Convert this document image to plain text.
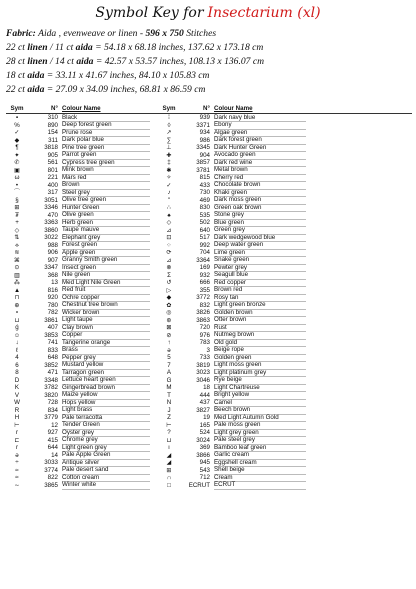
Symbol Key for Insectarium (xl)
Fabric: Aida , evenweave or linen - 596 x 750 Stitches
22 ct linen / 11 ct aida = 54.18 x 68.18 inches, 137.62 x 173.18 cm
28 ct linen / 14 ct aida = 42.57 x 53.57 inches, 108.13 x 136.07 cm
18 ct aida = 33.11 x 41.67 inches, 84.10 x 105.83 cm
22 ct aida = 27.09 x 34.09 inches, 68.81 x 86.59 cm
Sym	N° Colour Name	Sym	N° Colour Name
▪	310 Black	⁞	939 Dark navy blue
%	890 Deep forest green	◊	3371 Ebony
✓	154 Prune rose	↗	934 Algae green
◆	311 Dark polar blue	∑	986 Dark forest green
¶	3818 Pine tree green	⊥	3345 Dark Hunter Green
✦	905 Parrot green	✚	904 Avocado green
✆	561 Cypress tree green	‡	3857 Dark red wine
▣	801 Mink brown	✱	3781 Metal brown
ω	221 Mars red	✧	815 Cherry red
•	400 Brown	✓	433 Chocolate brown
⌒	317 Steel grey	♪	730 Khaki green
§	3051 Olive tree green	"	469 Dark moss green
⊞	3346 Hunter Green	∴	830 Green oak brown
₮	470 Olive green	♠	535 Stone grey
+	3363 Herb green	◇	502 Blue green
◇	3860 Taupe mauve	⊿	640 Green grey
⇅	3022 Elephant grey	⊡	517 Dark wedgewood blue
⟡	988 Forest green	⁘	992 Deep water green
≋	906 Apple green	⟳	704 Lime green
⌘	907 Granny Smith green	⊿	3364 Snake green
⊙	3347 Insect green	⊗	169 Pewter grey
▥	368 Nile green	Σ	932 Seagull blue
⁂	13 Med Light Nile Green	↺	666 Red copper
▲	816 Red fruit	▷	355 Brown red
⊓	920 Ochre copper	◆	3772 Rosy tan
⊕	780 Chestnut tree brown	✿	832 Light green bronze
∘	782 Wicker brown	◎	3826 Golden brown
⊔	3861 Light taupe	⊛	3863 Otter brown
ǵ	407 Clay brown	⊠	720 Rust
☺	3853 Copper	⊘	976 Nutmeg brown
↓	741 Tangerine orange	↑	783 Old gold
ℓ	833 Brass	ǝ	3 Beige rope
4	648 Pepper grey	5	733 Golden green
6	3852 Mustard yellow	7	3819 Light moss green
8	471 Tarragon green	A	3023 Light platinum grey
D	3348 Lettuce heart green	G	3046 Rye beige
K	3782 Gingerbread brown	M	18 Light Chartreuse
V	3820 Maize yellow	T	444 Bright yellow
W	728 Hops yellow	N	437 Camel
R	834 Light brass	J	3827 Beech brown
H	3779 Pale terracotta	Z	19 Med Light Autumn Gold
⊢	12 Tender Green	⊢	165 Pale moss green
r	927 Oyster grey	?	524 Light grey green
⊏	415 Chrome grey	⊔	3024 Pale steel grey
r	644 Light green grey	ı	369 Bamboo leaf green
ǝ	14 Pale Apple Green	◢	3866 Garlic cream
÷	3033 Antique silver	◢	945 Eggshell cream
≈	3774 Pale desert sand	⊞	543 Shell beige
≈	822 Cotton cream	∩	712 Cream
∼	3865 Winter white	□	ECRUT ECRUT
